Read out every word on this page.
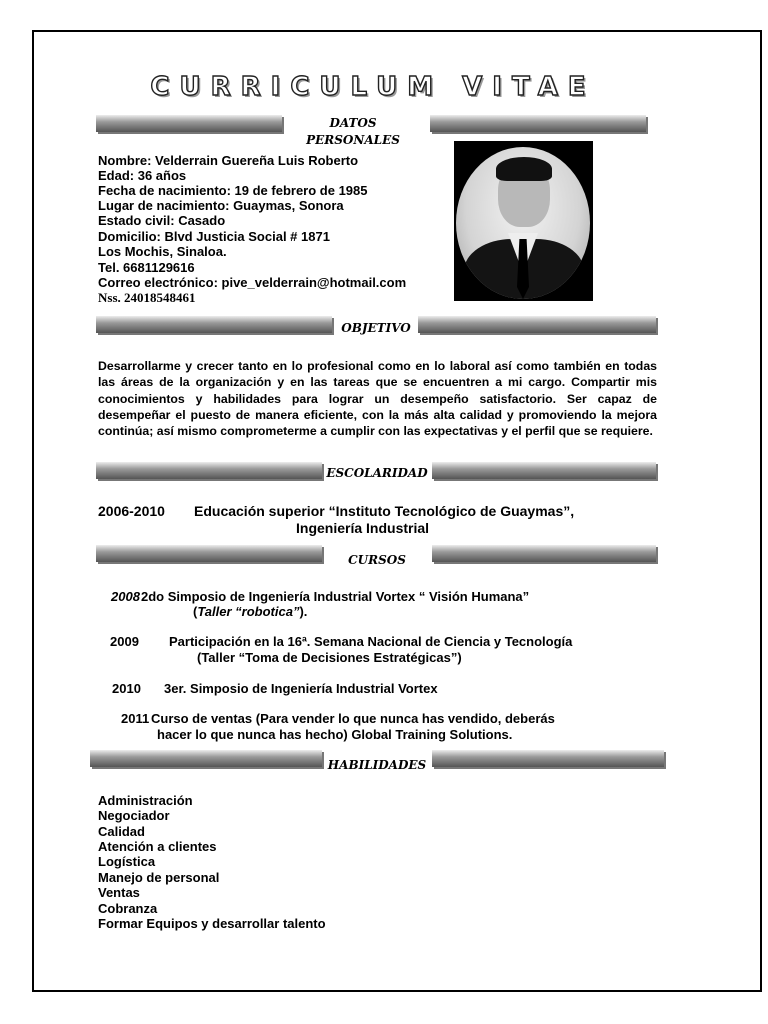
CURRICULUM VITAE
DATOS PERSONALES
Nombre: Velderrain Guereña Luis Roberto
Edad: 36 años
Fecha de nacimiento: 19 de febrero de 1985
Lugar de nacimiento: Guaymas, Sonora
Estado civil: Casado
Domicilio: Blvd Justicia Social # 1871
Los Mochis, Sinaloa.
Tel. 6681129616
Correo electrónico: pive_velderrain@hotmail.com
Nss. 24018548461
OBJETIVO
Desarrollarme y crecer tanto en lo profesional como en lo laboral así como también en todas las áreas de la organización y en las tareas que se encuentren a mi cargo. Compartir mis conocimientos y habilidades para lograr un desempeño satisfactorio. Ser capaz de desempeñar el puesto de manera eficiente, con la más alta calidad y promoviendo la mejora continúa; así mismo comprometerme a cumplir con las expectativas y el perfil que se requiere.
ESCOLARIDAD
2006-2010 Educación superior “Instituto Tecnológico de Guaymas”,
Ingeniería Industrial
CURSOS
2008 2do Simposio de Ingeniería Industrial Vortex “ Visión Humana”
(Taller “robotica”).
2009 Participación en la 16ª. Semana Nacional de Ciencia y Tecnología
(Taller “Toma de Decisiones Estratégicas”)
2010 3er. Simposio de Ingeniería Industrial Vortex
2011 Curso de ventas (Para vender lo que nunca has vendido, deberás
hacer lo que nunca has hecho) Global Training Solutions.
HABILIDADES
Administración
Negociador
Calidad
Atención a clientes
Logística
Manejo de personal
Ventas
Cobranza
Formar Equipos y desarrollar talento
